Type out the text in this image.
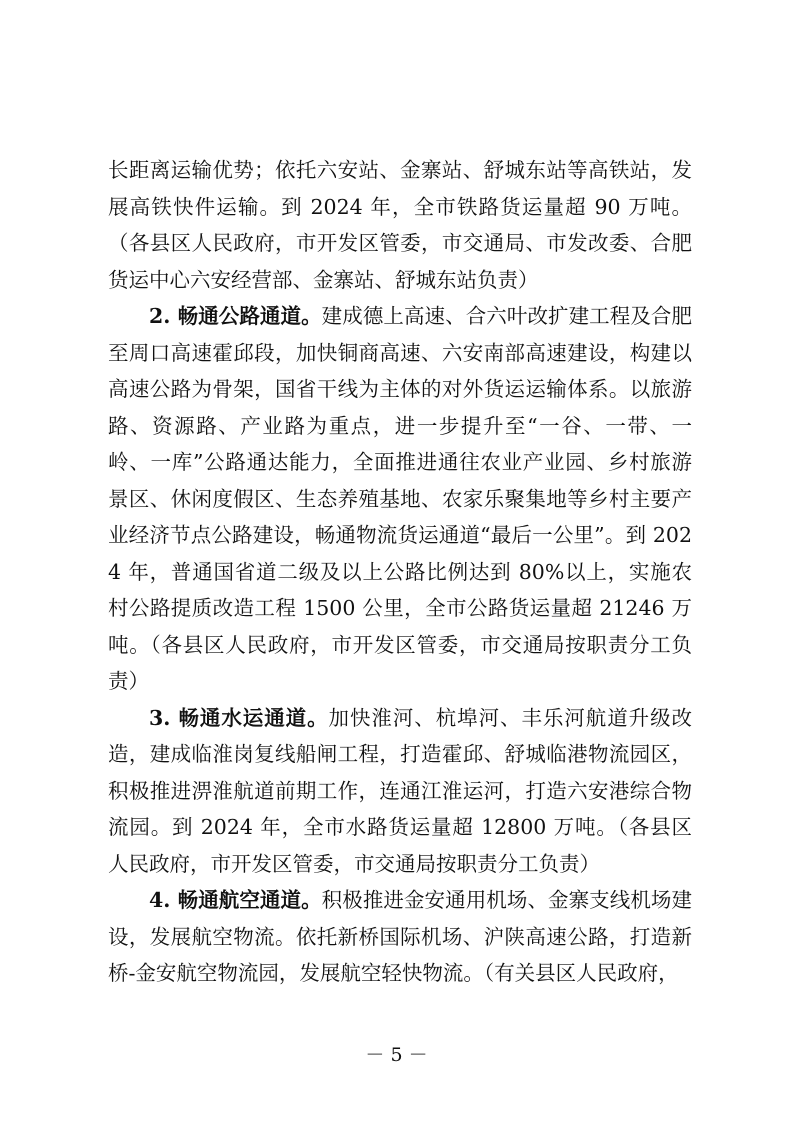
长距离运输优势；依托六安站、金寨站、舒城东站等高铁站，发展高铁快件运输。到 2024 年，全市铁路货运量超 90 万吨。（各县区人民政府，市开发区管委，市交通局、市发改委、合肥货运中心六安经营部、金寨站、舒城东站负责）

2. 畅通公路通道。建成德上高速、合六叶改扩建工程及合肥至周口高速霍邱段，加快铜商高速、六安南部高速建设，构建以高速公路为骨架，国省干线为主体的对外货运运输体系。以旅游路、资源路、产业路为重点，进一步提升至“一谷、一带、一岭、一库”公路通达能力，全面推进通往农业产业园、乡村旅游景区、休闲度假区、生态养殖基地、农家乐聚集地等乡村主要产业经济节点公路建设，畅通物流货运通道“最后一公里”。到 2024 年，普通国省道二级及以上公路比例达到 80%以上，实施农村公路提质改造工程 1500 公里，全市公路货运量超 21246 万吨。（各县区人民政府，市开发区管委，市交通局按职责分工负责）

3. 畅通水运通道。加快淮河、杭埠河、丰乐河航道升级改造，建成临淮岗复线船闸工程，打造霍邱、舒城临港物流园区，积极推进淠淮航道前期工作，连通江淮运河，打造六安港综合物流园。到 2024 年，全市水路货运量超 12800 万吨。（各县区人民政府，市开发区管委，市交通局按职责分工负责）

4. 畅通航空通道。积极推进金安通用机场、金寨支线机场建设，发展航空物流。依托新桥国际机场、沪陕高速公路，打造新桥-金安航空物流园，发展航空轻快物流。（有关县区人民政府，

－ 5 －
